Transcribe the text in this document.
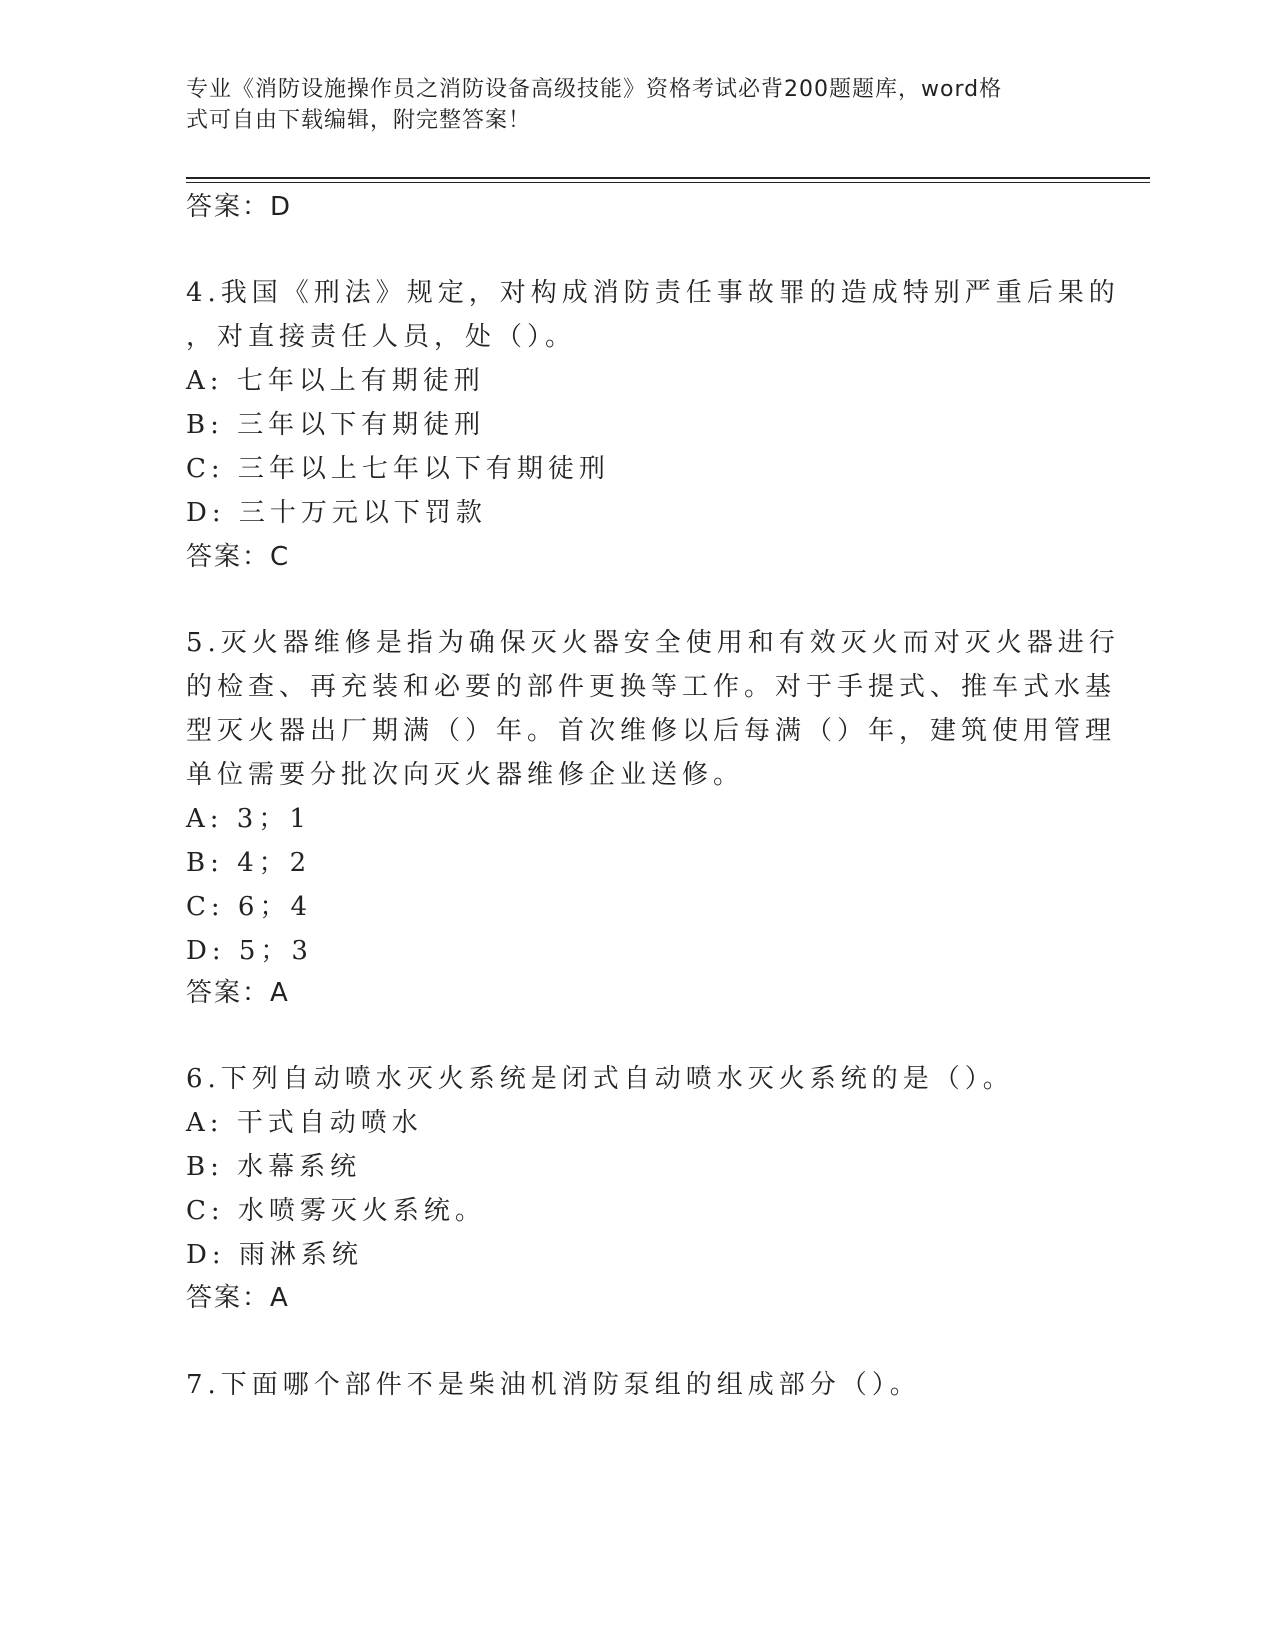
专业《消防设施操作员之消防设备高级技能》资格考试必背200题题库，word格
式可自由下载编辑，附完整答案！
答案：D
4.我国《刑法》规定，对构成消防责任事故罪的造成特别严重后果的
，对直接责任人员，处（）。
A: 七年以上有期徒刑
B: 三年以下有期徒刑
C: 三年以上七年以下有期徒刑
D: 三十万元以下罚款
答案：C
5.灭火器维修是指为确保灭火器安全使用和有效灭火而对灭火器进行
的检查、再充装和必要的部件更换等工作。对于手提式、推车式水基
型灭火器出厂期满（）年。首次维修以后每满（）年，建筑使用管理
单位需要分批次向灭火器维修企业送修。
A: 3；1
B: 4；2
C: 6；4
D: 5；3
答案：A
6.下列自动喷水灭火系统是闭式自动喷水灭火系统的是（）。
A: 干式自动喷水
B: 水幕系统
C: 水喷雾灭火系统。
D: 雨淋系统
答案：A
7.下面哪个部件不是柴油机消防泵组的组成部分（）。
